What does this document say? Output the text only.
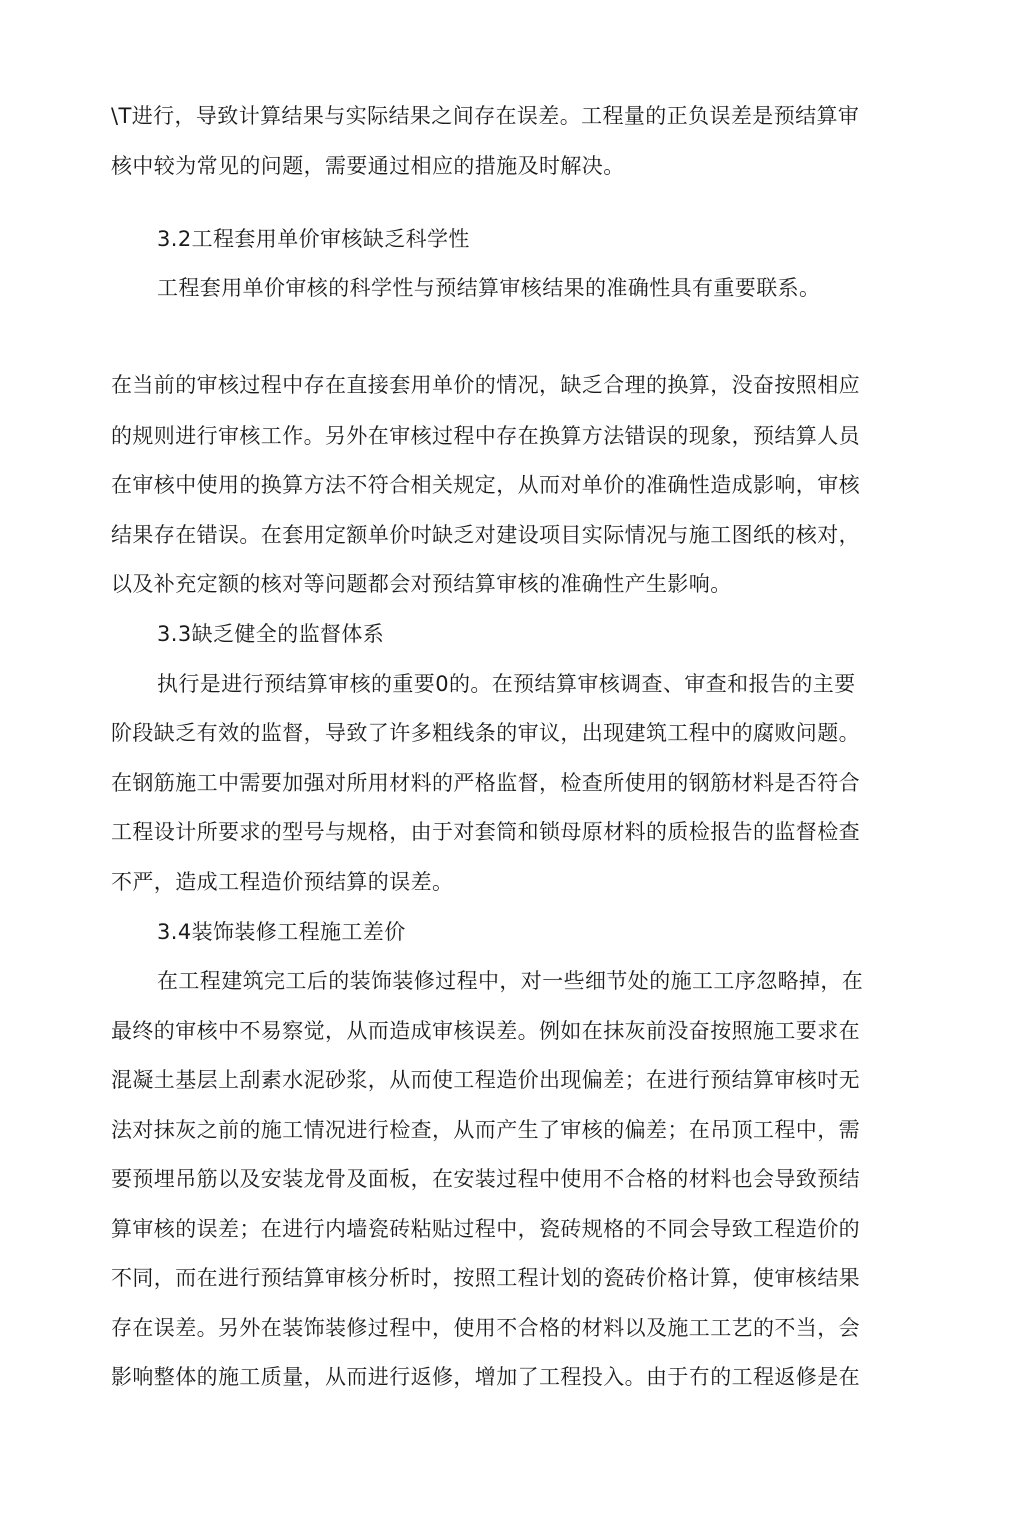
\T进行，导致计算结果与实际结果之间存在误差。工程量的正负误差是预结算审
核中较为常见的问题，需要通过相应的措施及时解决。
3.2工程套用单价审核缺乏科学性
工程套用单价审核的科学性与预结算审核结果的准确性具有重要联系。
在当前的审核过程中存在直接套用单价的情况，缺乏合理的换算，没奋按照相应
的规则进行审核工作。另外在审核过程中存在换算方法错误的现象，预结算人员
在审核中使用的换算方法不符合相关规定，从而对单价的准确性造成影响，审核
结果存在错误。在套用定额单价吋缺乏对建设项目实际情况与施工图纸的核对，
以及补充定额的核对等问题都会对预结算审核的准确性产生影响。
3.3缺乏健全的监督体系
执行是进行预结算审核的重要0的。在预结算审核调查、审查和报告的主要
阶段缺乏有效的监督，导致了许多粗线条的审议，出现建筑工程中的腐败问题。
在钢筋施工中需要加强对所用材料的严格监督，检查所使用的钢筋材料是否符合
工程设计所要求的型号与规格，由于对套筒和锁母原材料的质检报告的监督检查
不严，造成工程造价预结算的误差。
3.4装饰装修工程施工差价
在工程建筑完工后的装饰装修过程中，对一些细节处的施工工序忽略掉，在
最终的审核中不易察觉，从而造成审核误差。例如在抹灰前没奋按照施工要求在
混凝土基层上刮素水泥砂浆，从而使工程造价出现偏差；在进行预结算审核吋无
法对抹灰之前的施工情况进行检查，从而产生了审核的偏差；在吊顶工程中，需
要预埋吊筋以及安装龙骨及面板，在安装过程中使用不合格的材料也会导致预结
算审核的误差；在进行内墙瓷砖粘贴过程中，瓷砖规格的不同会导致工程造价的
不同，而在进行预结算审核分析时，按照工程计划的瓷砖价格计算，使审核结果
存在误差。另外在装饰装修过程中，使用不合格的材料以及施工工艺的不当，会
影响整体的施工质量，从而进行返修，增加了工程投入。由于冇的工程返修是在
